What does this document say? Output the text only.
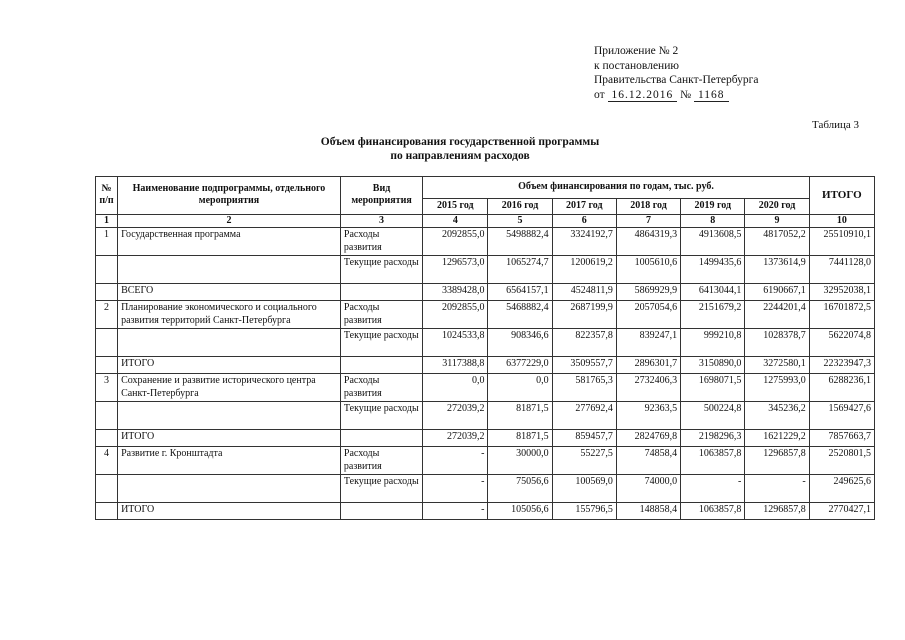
Приложение № 2
к постановлению
Правительства Санкт-Петербурга
от 16.12.2016 № 1168
Таблица 3
Объем финансирования государственной программы
по направлениям расходов
№ п/п	Наименование подпрограммы, отдельного мероприятия	Вид мероприятия	Объем финансирования по годам, тыс. руб.						ИТОГО
			2015 год	2016 год	2017 год	2018 год	2019 год	2020 год	
1	2	3	4	5	6	7	8	9	10
1	Государственная программа	Расходы развития	2092855,0	5498882,4	3324192,7	4864319,3	4913608,5	4817052,2	25510910,1
		Текущие расходы	1296573,0	1065274,7	1200619,2	1005610,6	1499435,6	1373614,9	7441128,0
	ВСЕГО		3389428,0	6564157,1	4524811,9	5869929,9	6413044,1	6190667,1	32952038,1
2	Планирование экономического и социального развития территорий Санкт-Петербурга	Расходы развития	2092855,0	5468882,4	2687199,9	2057054,6	2151679,2	2244201,4	16701872,5
		Текущие расходы	1024533,8	908346,6	822357,8	839247,1	999210,8	1028378,7	5622074,8
	ИТОГО		3117388,8	6377229,0	3509557,7	2896301,7	3150890,0	3272580,1	22323947,3
3	Сохранение и развитие исторического центра Санкт-Петербурга	Расходы развития	0,0	0,0	581765,3	2732406,3	1698071,5	1275993,0	6288236,1
		Текущие расходы	272039,2	81871,5	277692,4	92363,5	500224,8	345236,2	1569427,6
	ИТОГО		272039,2	81871,5	859457,7	2824769,8	2198296,3	1621229,2	7857663,7
4	Развитие г. Кронштадта	Расходы развития	-	30000,0	55227,5	74858,4	1063857,8	1296857,8	2520801,5
		Текущие расходы	-	75056,6	100569,0	74000,0	-	-	249625,6
	ИТОГО		-	105056,6	155796,5	148858,4	1063857,8	1296857,8	2770427,1
